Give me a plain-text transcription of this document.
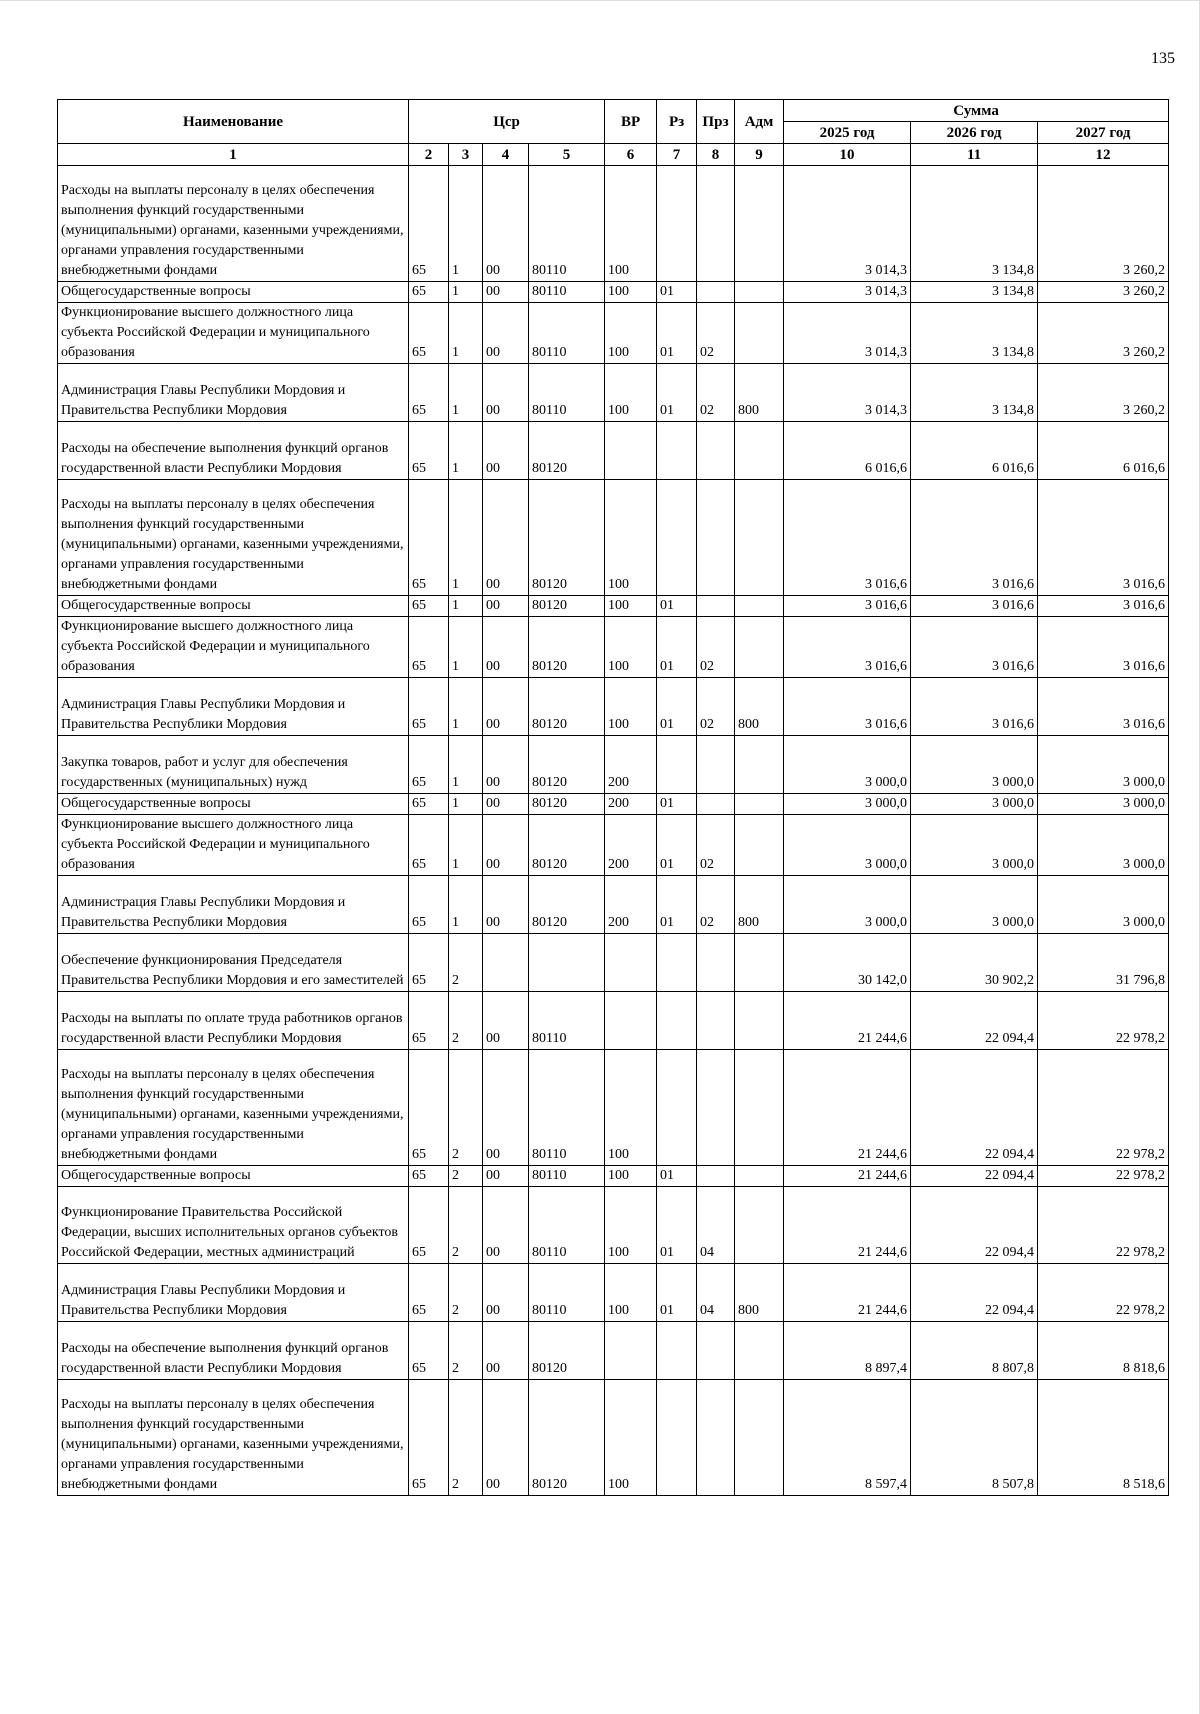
135
Наименование	Цср				ВР	Рз	Прз	Адм	Сумма		
									2025 год	2026 год	2027 год
1	2	3	4	5	6	7	8	9	10	11	12
Расходы на выплаты персоналу в целях обеспечения выполнения функций государственными (муниципальными) органами, казенными учреждениями, органами управления государственными внебюджетными фондами	65	1	00	80110	100				3 014,3	3 134,8	3 260,2
Общегосударственные вопросы	65	1	00	80110	100	01			3 014,3	3 134,8	3 260,2
Функционирование высшего должностного лица субъекта Российской Федерации и муниципального образования	65	1	00	80110	100	01	02		3 014,3	3 134,8	3 260,2
Администрация Главы Республики Мордовия и Правительства Республики Мордовия	65	1	00	80110	100	01	02	800	3 014,3	3 134,8	3 260,2
Расходы на обеспечение выполнения функций органов государственной власти Республики Мордовия	65	1	00	80120					6 016,6	6 016,6	6 016,6
Расходы на выплаты персоналу в целях обеспечения выполнения функций государственными (муниципальными) органами, казенными учреждениями, органами управления государственными внебюджетными фондами	65	1	00	80120	100				3 016,6	3 016,6	3 016,6
Общегосударственные вопросы	65	1	00	80120	100	01			3 016,6	3 016,6	3 016,6
Функционирование высшего должностного лица субъекта Российской Федерации и муниципального образования	65	1	00	80120	100	01	02		3 016,6	3 016,6	3 016,6
Администрация Главы Республики Мордовия и Правительства Республики Мордовия	65	1	00	80120	100	01	02	800	3 016,6	3 016,6	3 016,6
Закупка товаров, работ и услуг для обеспечения государственных (муниципальных) нужд	65	1	00	80120	200				3 000,0	3 000,0	3 000,0
Общегосударственные вопросы	65	1	00	80120	200	01			3 000,0	3 000,0	3 000,0
Функционирование высшего должностного лица субъекта Российской Федерации и муниципального образования	65	1	00	80120	200	01	02		3 000,0	3 000,0	3 000,0
Администрация Главы Республики Мордовия и Правительства Республики Мордовия	65	1	00	80120	200	01	02	800	3 000,0	3 000,0	3 000,0
Обеспечение функционирования Председателя Правительства Республики Мордовия и его заместителей	65	2							30 142,0	30 902,2	31 796,8
Расходы на выплаты по оплате труда работников органов государственной власти Республики Мордовия	65	2	00	80110					21 244,6	22 094,4	22 978,2
Расходы на выплаты персоналу в целях обеспечения выполнения функций государственными (муниципальными) органами, казенными учреждениями, органами управления государственными внебюджетными фондами	65	2	00	80110	100				21 244,6	22 094,4	22 978,2
Общегосударственные вопросы	65	2	00	80110	100	01			21 244,6	22 094,4	22 978,2
Функционирование Правительства Российской Федерации, высших исполнительных органов субъектов Российской Федерации, местных администраций	65	2	00	80110	100	01	04		21 244,6	22 094,4	22 978,2
Администрация Главы Республики Мордовия и Правительства Республики Мордовия	65	2	00	80110	100	01	04	800	21 244,6	22 094,4	22 978,2
Расходы на обеспечение выполнения функций органов государственной власти Республики Мордовия	65	2	00	80120					8 897,4	8 807,8	8 818,6
Расходы на выплаты персоналу в целях обеспечения выполнения функций государственными (муниципальными) органами, казенными учреждениями, органами управления государственными внебюджетными фондами	65	2	00	80120	100				8 597,4	8 507,8	8 518,6
